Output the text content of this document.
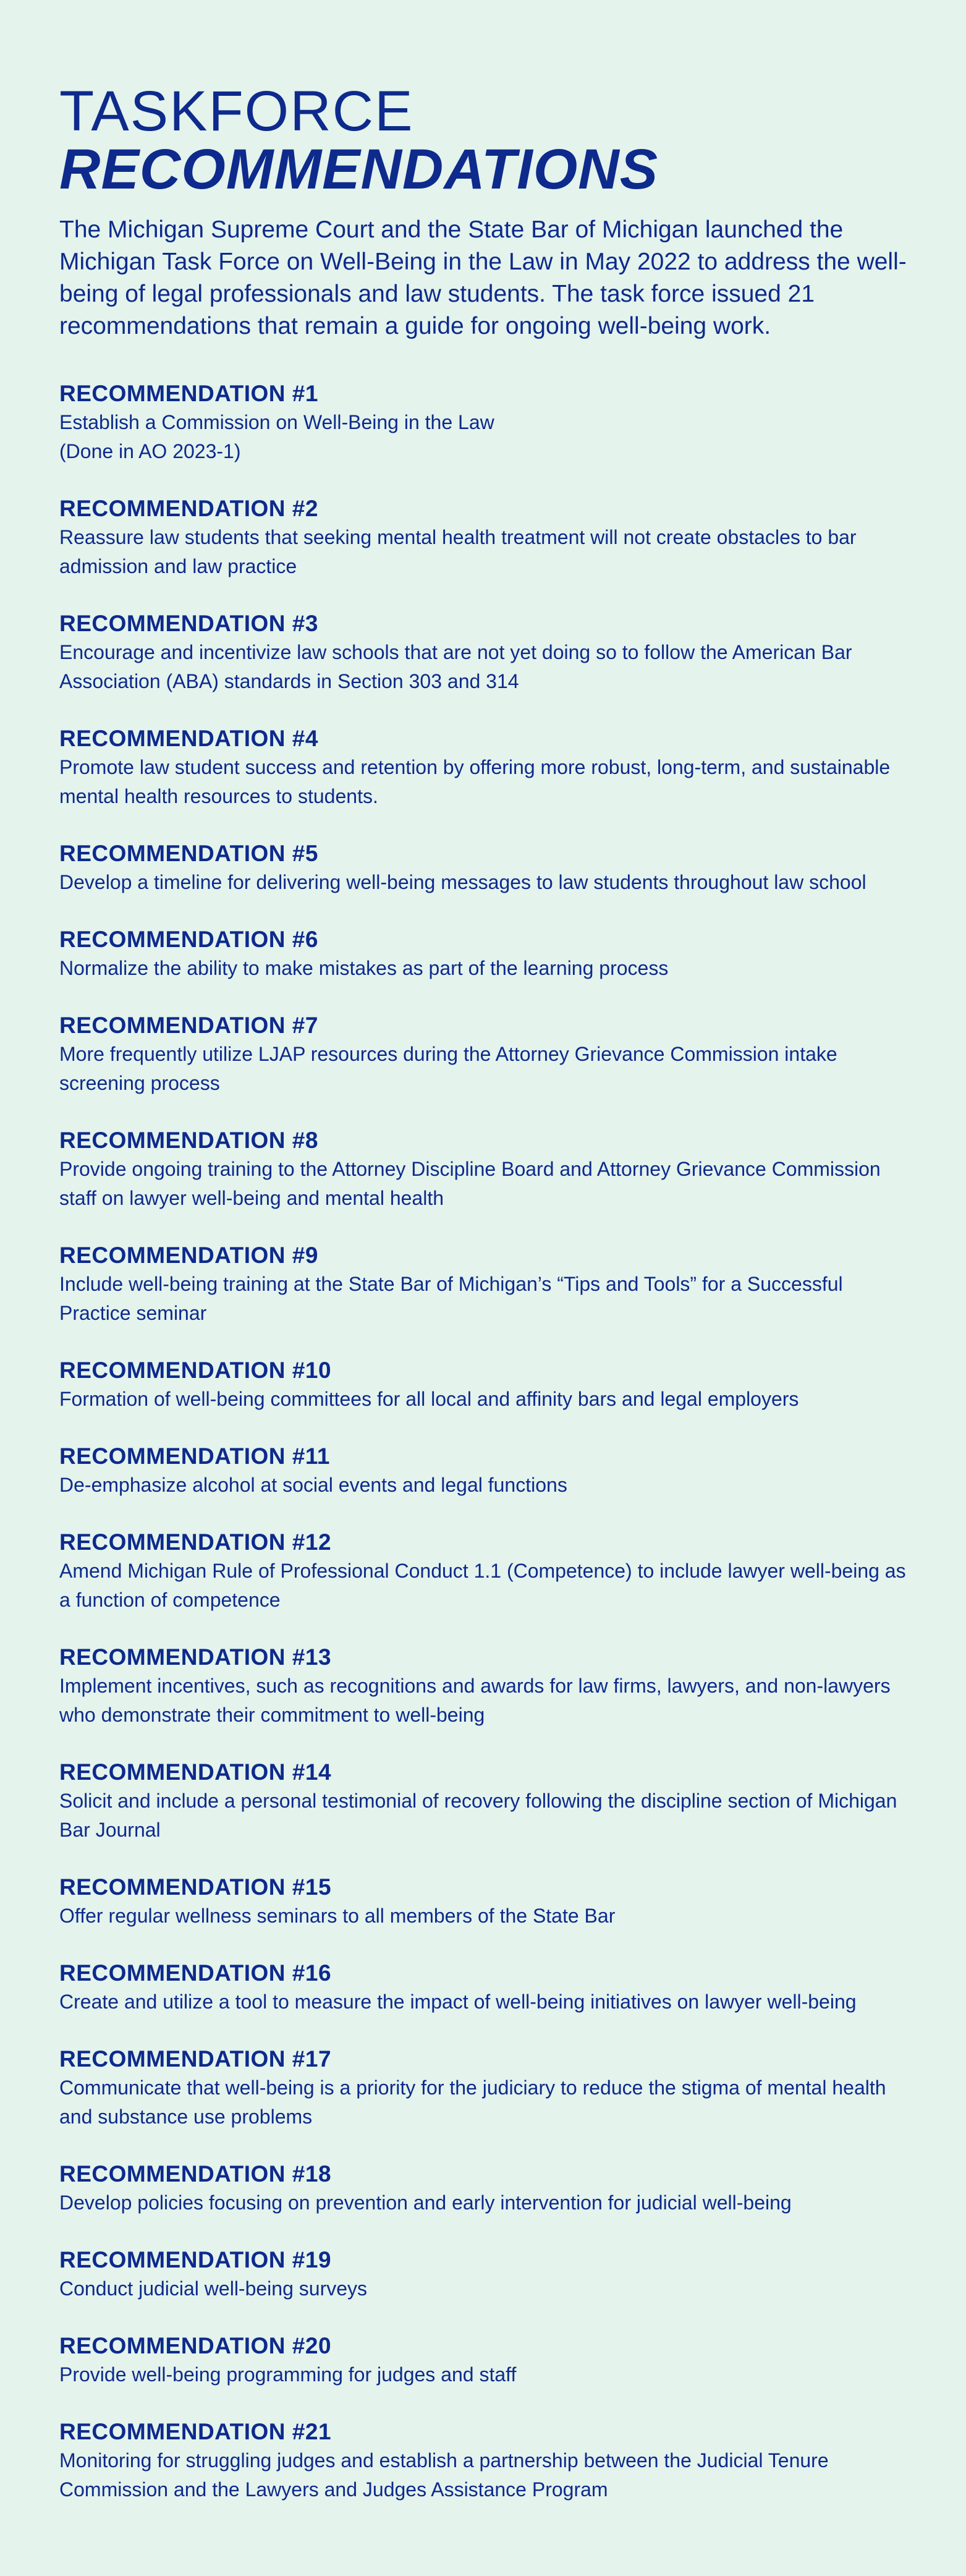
TASKFORCE
RECOMMENDATIONS

The Michigan Supreme Court and the State Bar of Michigan launched the Michigan Task Force on Well-Being in the Law in May 2022 to address the well-being of legal professionals and law students. The task force issued 21 recommendations that remain a guide for ongoing well-being work.

RECOMMENDATION #1
Establish a Commission on Well-Being in the Law
(Done in AO 2023-1)
RECOMMENDATION #2
Reassure law students that seeking mental health treatment will not create obstacles to bar admission and law practice
RECOMMENDATION #3
Encourage and incentivize law schools that are not yet doing so to follow the American Bar Association (ABA) standards in Section 303 and 314
RECOMMENDATION #4
Promote law student success and retention by offering more robust, long-term, and sustainable mental health resources to students.
RECOMMENDATION #5
Develop a timeline for delivering well-being messages to law students throughout law school
RECOMMENDATION #6
Normalize the ability to make mistakes as part of the learning process
RECOMMENDATION #7
More frequently utilize LJAP resources during the Attorney Grievance Commission intake screening process
RECOMMENDATION #8
Provide ongoing training to the Attorney Discipline Board and Attorney Grievance Commission staff on lawyer well-being and mental health
RECOMMENDATION #9
Include well-being training at the State Bar of Michigan’s “Tips and Tools” for a Successful Practice seminar
RECOMMENDATION #10
Formation of well-being committees for all local and affinity bars and legal employers
RECOMMENDATION #11
De-emphasize alcohol at social events and legal functions
RECOMMENDATION #12
Amend Michigan Rule of Professional Conduct 1.1 (Competence) to include lawyer well-being as a function of competence
RECOMMENDATION #13
Implement incentives, such as recognitions and awards for law firms, lawyers, and non-lawyers who demonstrate their commitment to well-being
RECOMMENDATION #14
Solicit and include a personal testimonial of recovery following the discipline section of Michigan Bar Journal
RECOMMENDATION #15
Offer regular wellness seminars to all members of the State Bar
RECOMMENDATION #16
Create and utilize a tool to measure the impact of well-being initiatives on lawyer well-being
RECOMMENDATION #17
Communicate that well-being is a priority for the judiciary to reduce the stigma of mental health and substance use problems
RECOMMENDATION #18
Develop policies focusing on prevention and early intervention for judicial well-being
RECOMMENDATION #19
Conduct judicial well-being surveys
RECOMMENDATION #20
Provide well-being programming for judges and staff
RECOMMENDATION #21
Monitoring for struggling judges and establish a partnership between the Judicial Tenure Commission and the Lawyers and Judges Assistance Program
